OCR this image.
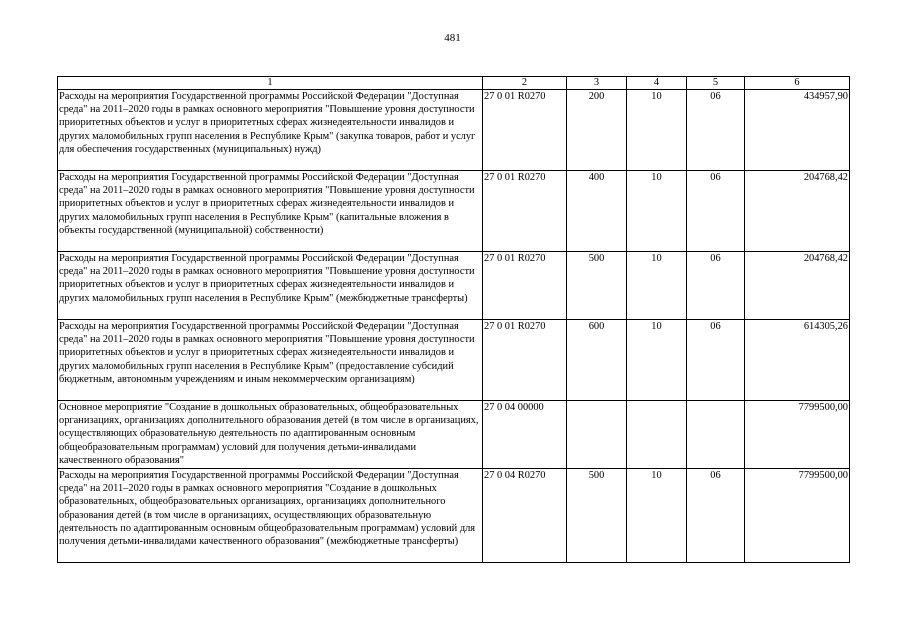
481
1	2	3	4	5	6
Расходы на мероприятия Государственной программы Российской Федерации "Доступная среда" на 2011–2020 годы в рамках основного мероприятия "Повышение уровня доступности приоритетных объектов и услуг в приоритетных сферах жизнедеятельности инвалидов и других маломобильных групп населения в Республике Крым" (закупка товаров, работ и услуг для обеспечения государственных (муниципальных) нужд)	27 0 01 R0270	200	10	06	434957,90
Расходы на мероприятия Государственной программы Российской Федерации "Доступная среда" на 2011–2020 годы в рамках основного мероприятия "Повышение уровня доступности приоритетных объектов и услуг в приоритетных сферах жизнедеятельности инвалидов и других маломобильных групп населения в Республике Крым" (капитальные вложения в объекты государственной (муниципальной) собственности)	27 0 01 R0270	400	10	06	204768,42
Расходы на мероприятия Государственной программы Российской Федерации "Доступная среда" на 2011–2020 годы в рамках основного мероприятия "Повышение уровня доступности приоритетных объектов и услуг в приоритетных сферах жизнедеятельности инвалидов и других маломобильных групп населения в Республике Крым" (межбюджетные трансферты)	27 0 01 R0270	500	10	06	204768,42
Расходы на мероприятия Государственной программы Российской Федерации "Доступная среда" на 2011–2020 годы в рамках основного мероприятия "Повышение уровня доступности приоритетных объектов и услуг в приоритетных сферах жизнедеятельности инвалидов и других маломобильных групп населения в Республике Крым" (предоставление субсидий бюджетным, автономным учреждениям и иным некоммерческим организациям)	27 0 01 R0270	600	10	06	614305,26
Основное мероприятие "Создание в дошкольных образовательных, общеобразовательных организациях, организациях дополнительного образования детей (в том числе в организациях, осуществляющих образовательную деятельность по адаптированным основным общеобразовательным программам) условий для получения детьми-инвалидами качественного образования"	27 0 04 00000				7799500,00
Расходы на мероприятия Государственной программы Российской Федерации "Доступная среда" на 2011–2020 годы в рамках основного мероприятия "Создание в дошкольных образовательных, общеобразовательных организациях, организациях дополнительного образования детей (в том числе в организациях, осуществляющих образовательную деятельность по адаптированным основным общеобразовательным программам) условий для получения детьми-инвалидами качественного образования" (межбюджетные трансферты)	27 0 04 R0270	500	10	06	7799500,00
